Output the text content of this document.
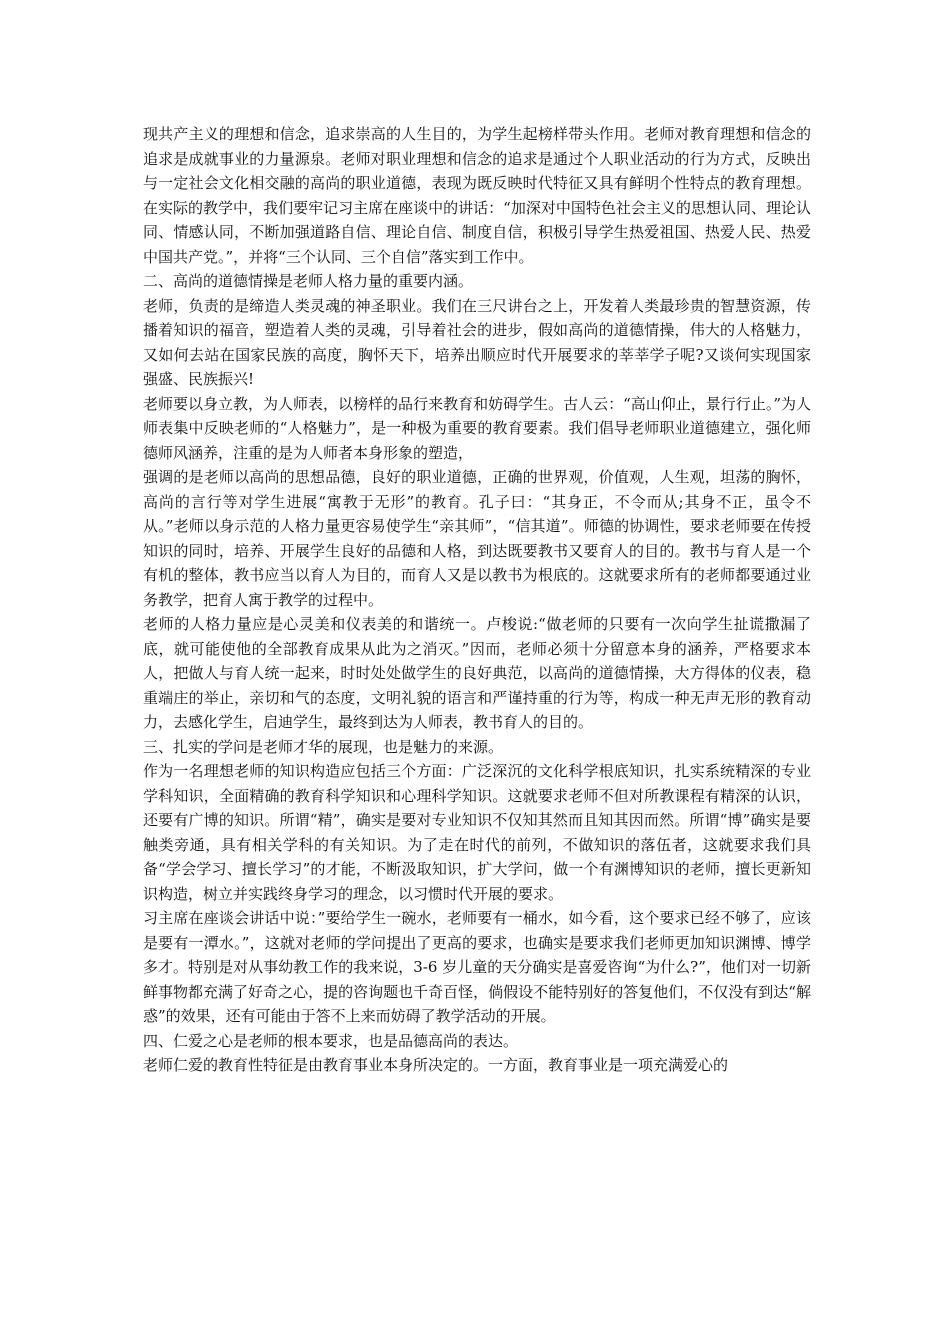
现共产主义的理想和信念，追求崇高的人生目的，为学生起榜样带头作用。老师对教育理想和信念的追求是成就事业的力量源泉。老师对职业理想和信念的追求是通过个人职业活动的行为方式，反映出与一定社会文化相交融的高尚的职业道德，表现为既反映时代特征又具有鲜明个性特点的教育理想。在实际的教学中，我们要牢记习主席在座谈中的讲话：“加深对中国特色社会主义的思想认同、理论认同、情感认同，不断加强道路自信、理论自信、制度自信，积极引导学生热爱祖国、热爱人民、热爱中国共产党。”，并将“三个认同、三个自信”落实到工作中。

二、高尚的道德情操是老师人格力量的重要内涵。

老师，负责的是缔造人类灵魂的神圣职业。我们在三尺讲台之上，开发着人类最珍贵的智慧资源，传播着知识的福音，塑造着人类的灵魂，引导着社会的进步，假如高尚的道德情操，伟大的人格魅力，又如何去站在国家民族的高度，胸怀天下，培养出顺应时代开展要求的莘莘学子呢?又谈何实现国家强盛、民族振兴!

老师要以身立教，为人师表，以榜样的品行来教育和妨碍学生。古人云：“高山仰止，景行行止。”为人师表集中反映老师的“人格魅力”，是一种极为重要的教育要素。我们倡导老师职业道德建立，强化师德师风涵养，注重的是为人师者本身形象的塑造，

强调的是老师以高尚的思想品德，良好的职业道德，正确的世界观，价值观，人生观，坦荡的胸怀，高尚的言行等对学生进展“寓教于无形”的教育。孔子曰：“其身正，不令而从;其身不正，虽令不从。”老师以身示范的人格力量更容易使学生“亲其师”，“信其道”。师德的协调性，要求老师要在传授知识的同时，培养、开展学生良好的品德和人格，到达既要教书又要育人的目的。教书与育人是一个有机的整体，教书应当以育人为目的，而育人又是以教书为根底的。这就要求所有的老师都要通过业务教学，把育人寓于教学的过程中。

老师的人格力量应是心灵美和仪表美的和谐统一。卢梭说:“做老师的只要有一次向学生扯谎撒漏了底，就可能使他的全部教育成果从此为之消灭。”因而，老师必须十分留意本身的涵养，严格要求本人，把做人与育人统一起来，时时处处做学生的良好典范，以高尚的道德情操，大方得体的仪表，稳重端庄的举止，亲切和气的态度，文明礼貌的语言和严谨持重的行为等，构成一种无声无形的教育动力，去感化学生，启迪学生，最终到达为人师表，教书育人的目的。

三、扎实的学问是老师才华的展现，也是魅力的来源。

作为一名理想老师的知识构造应包括三个方面：广泛深沉的文化科学根底知识，扎实系统精深的专业学科知识，全面精确的教育科学知识和心理科学知识。这就要求老师不但对所教课程有精深的认识，还要有广博的知识。所谓“精”，确实是要对专业知识不仅知其然而且知其因而然。所谓“博”确实是要触类旁通，具有相关学科的有关知识。为了走在时代的前列，不做知识的落伍者，这就要求我们具备“学会学习、擅长学习”的才能，不断汲取知识，扩大学问，做一个有渊博知识的老师，擅长更新知识构造，树立并实践终身学习的理念，以习惯时代开展的要求。

习主席在座谈会讲话中说：”要给学生一碗水，老师要有一桶水，如今看，这个要求已经不够了，应该是要有一潭水。”，这就对老师的学问提出了更高的要求，也确实是要求我们老师更加知识渊博、博学多才。特别是对从事幼教工作的我来说，3-6 岁儿童的天分确实是喜爱咨询“为什么?”，他们对一切新鲜事物都充满了好奇之心，提的咨询题也千奇百怪，倘假设不能特别好的答复他们，不仅没有到达“解惑”的效果，还有可能由于答不上来而妨碍了教学活动的开展。

四、仁爱之心是老师的根本要求，也是品德高尚的表达。

老师仁爱的教育性特征是由教育事业本身所决定的。一方面，教育事业是一项充满爱心的
